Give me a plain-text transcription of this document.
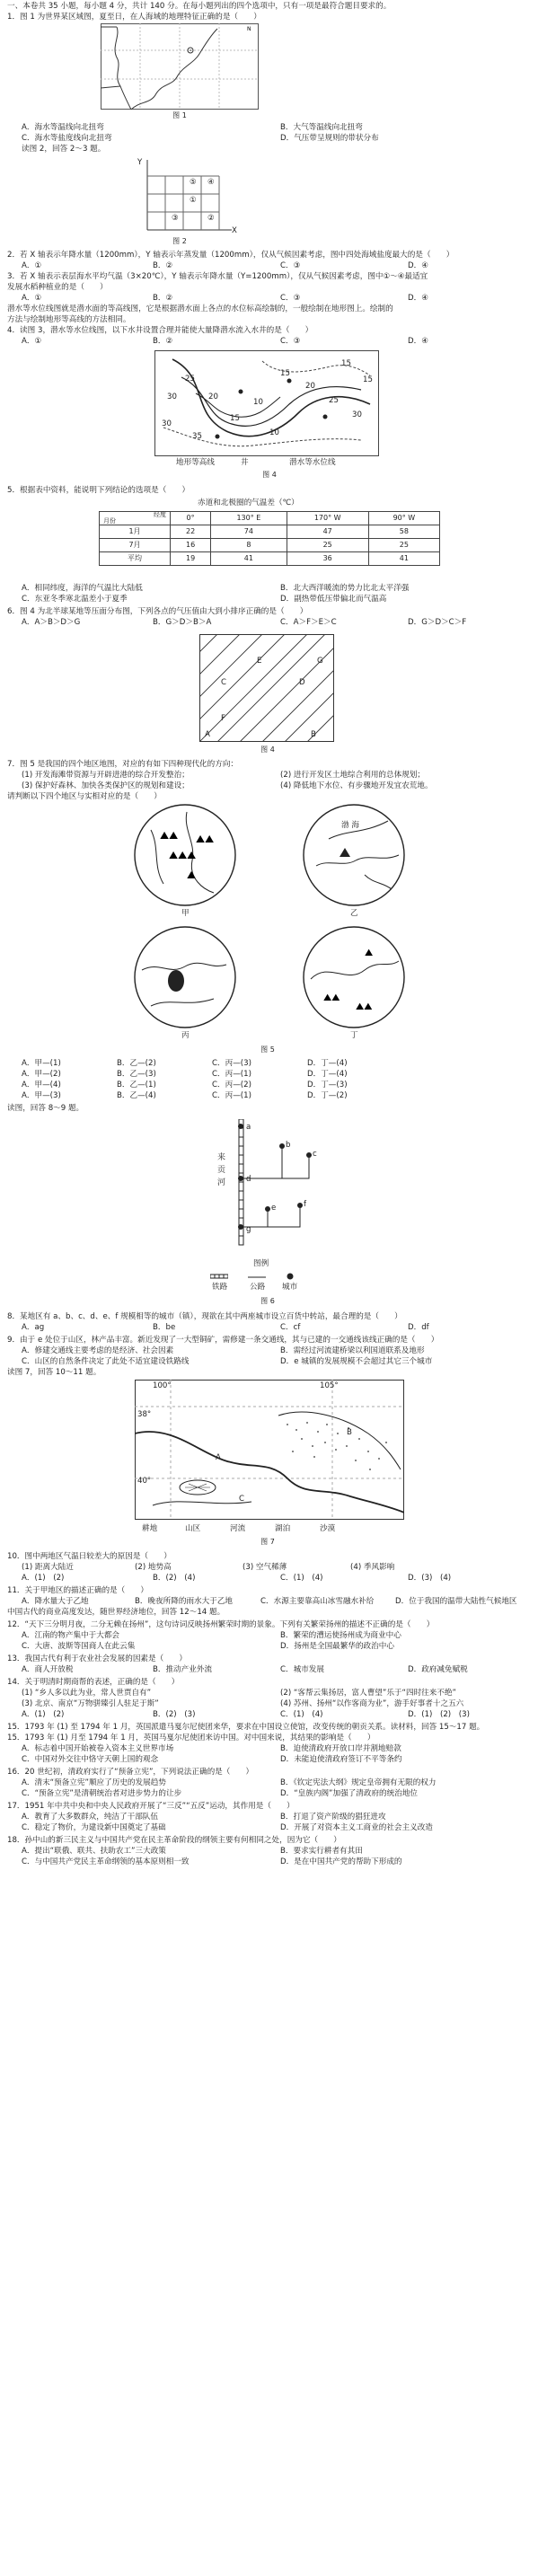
一、本卷共 35 小题，每小题 4 分，共计 140 分。在每小题列出的四个选项中，只有一项是最符合题目要求的。
1．图 1 为世界某区域图，夏至日，在人海域的地理特征正确的是（　　）
N
图 1
A．海水等温线向北扭弯	B．大气等温线向北扭弯
C．海水等盐度线向北扭弯	D．气压带呈规则的带状分布
读图 2，回答 2～3 题。
Y
X
⑤ ④
①
③	②
图 2
2．若 X 轴表示年降水量（1200mm），Y 轴表示年蒸发量（1200mm），仅从气候因素考虑，图中四处海域盐度最大的是（　　）
A．①	B．②	C．③	D．④
3．若 X 轴表示表层海水平均气温（3×20℃），Y 轴表示年降水量（Y=1200mm），仅从气候因素考虑，图中①～④最适宜
发展水稻种植业的是（　　）
A．①	B．②	C．③	D．④
潜水等水位线图就是潜水面的等高线图，它是根据潜水面上各点的水位标高绘制的，一般绘制在地形图上。绘制的
方法与绘制地形等高线的方法相同。
4．读图 3，潜水等水位线图，以下水井设置合理并能使大量降潜水流入水井的是（　　）
A．①	B．②	C．③	D．④
30
25
20
15
10
15
20
25
30
15
15
10
35
30
地形等高线	井	潜水等水位线
图 4
5．根据表中资料，能说明下列结论的选项是（　　）
赤道和北极圈的气温差（℃）
经度
月份	0°	130° E	170° W	90° W
1月	22	74	47	58
7月	16	8	25	25
平均	19	41	36	41
A．相同纬度，海洋的气温比大陆低	B．北大西洋暖流的势力比北太平洋强
C．东亚冬季寒北温差小于夏季	D．副热带低压带偏北而气温高
6．图 4 为北半球某地等压面分布图，下列各点的气压值由大到小排序正确的是（　　）
A．A＞B＞D＞G	B．G＞D＞B＞A	C．A＞F＞E＞C	D．G＞D＞C＞F
A	B
C	D
E
F
G
图 4
7．图 5 是我国的四个地区地图，对应的有如下四种现代化的方向：
(1) 开发海滩带资源与开辟进港的综合开发整治；	(2) 进行开发区土地综合利用的总体规划；
(3) 保护好森林、加快各类保护区的规划和建设；	(4) 降低地下水位、有步骤地开发宜农荒地。
请判断以下四个地区与实相对应的是（　　）
⛰⛰
⛰⛰⛰
⛰⛰
⛰
甲
渤 海
乙
丙
⛰⛰
⛰⛰
⛰
丁
图 5
A．甲—(1)	B．乙—(2)	C．丙—(3)	D．丁—(4)
A．甲—(2)	B．乙—(3)	C．丙—(1)	D．丁—(4)
A．甲—(4)	B．乙—(1)	C．丙—(2)	D．丁—(3)
A．甲—(3)	B．乙—(4)	C．丙—(1)	D．丁—(2)
读图，回答 8～9 题。
来 贡 河
a
b
c
d
e	f
g
图例
铁路	公路 城市
图 6
8．某地区有 a、b、c、d、e、f 规模相等的城市（镇），现欲在其中两座城市设立百货中转站，最合理的是（　　）
A．ag	B．be	C．cf	D．df
9．由于 e 处位于山区，林产品丰富。新近发现了一大型铜矿，需修建一条交通线，其与已建的一交通线该线正确的是（　　）
A．修建交通线主要考虑的是经济、社会因素	B．需经过河流建桥梁以利国道联系及地形
C．山区的自然条件决定了此处不适宜建设铁路线	D．e 城镇的发展规模不会超过其它三个城市
读图 7，回答 10～11 题。
100°	105°
38°
40°
A
B
C
耕地	山区	河流	湖泊	沙漠
图 7
10．图中两地区气温日较差大的原因是（　　）
(1) 距离大陆近	(2) 地势高	(3) 空气稀薄	(4) 季风影响
A．(1)　(2)	B．(2)　(4)	C．(1)　(4)	D．(3)　(4)
11．关于甲地区的描述正确的是（　　）
A．降水量大于乙地	B．晚夜所降的雨水大于乙地	C．水源主要靠高山冰雪融水补给	D．位于我国的温带大陆性气候地区
中国古代的商业高度发达，随世界经济地位，回答 12～14 题。
12．“天下三分明月夜，二分无赖在扬州”，这句诗词反映扬州繁荣时期的景象。下列有关繁荣扬州的描述不正确的是（　　）
A．江南的物产集中于大都会	B．繁荣的漕运使扬州成为商业中心
C．大唐、波斯等国商人在此云集	D．扬州是全国最繁华的政治中心
13．我国古代有利于农业社会发展的因素是（　　）
A．商人开放税	B．推动产业外流	C．城市发展	D．政府减免赋税
14．关于明清时期商帮的表述，正确的是（　　）
(1) “乡人多以此为业，常人世贾自有”	(2) “客帮云集扬居，富人曹望”乐于“四时往来不绝”
(3) 北京、南京“万物骈臻引人驻足于斯”	(4) 苏州、扬州“以作客商为业”，游手好事者十之五六
A．(1)　(2)	B．(2)　(3)	C．(1)　(4)	D．(1)　(2)　(3)
15．1793 年 (1) 至 1794 年 1 月，英国派遣马戛尔尼使团来华，要求在中国设立使馆，改变传统的朝贡关系。读材料，回答 15～17 题。
15．1793 年 (1) 月至 1794 年 1 月，英国马戛尔尼使团来访中国。对中国来说，其结果的影响是（　　）
A．标志着中国开始被卷入资本主义世界市场	B．迫使清政府开放口岸并割地赔款
C．中国对外交往中恪守天朝上国的观念	D．未能迫使清政府签订不平等条约
16．20 世纪初，清政府实行了“预备立宪”，下列说法正确的是（　　）
A．清末“预备立宪”顺应了历史的发展趋势	B．《钦定宪法大纲》规定皇帝拥有无限的权力
C．“预备立宪”是清朝统治者对进步势力的让步	D．“皇族内阁”加强了清政府的统治地位
17．1951 年中共中央和中央人民政府开展了“三反”“五反”运动，其作用是（　　）
A．教育了大多数群众，纯洁了干部队伍	B．打退了资产阶级的猖狂进攻
C．稳定了物价，为建设新中国奠定了基础	D．开展了对资本主义工商业的社会主义改造
18．孙中山的新三民主义与中国共产党在民主革命阶段的纲领主要有何相同之处，因为它（　　）
A．提出“联俄、联共、扶助农工”三大政策	B．要求实行耕者有其田
C．与中国共产党民主革命纲领的基本原则相一致	D．是在中国共产党的帮助下形成的
